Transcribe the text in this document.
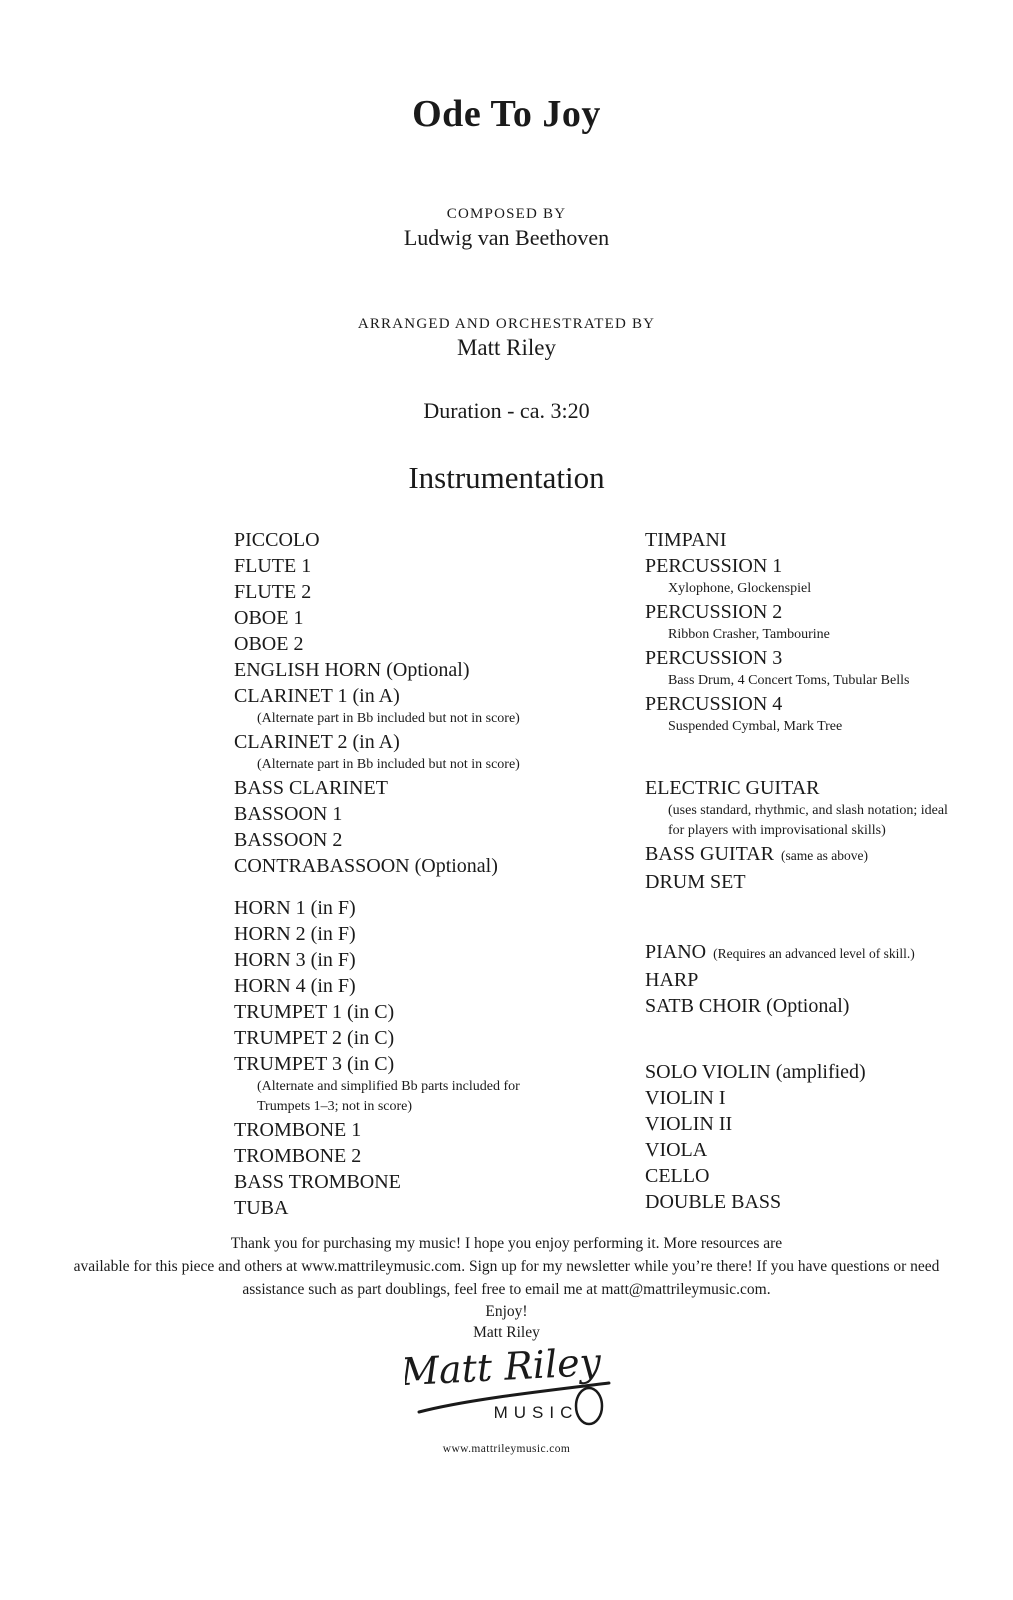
Ode To Joy
COMPOSED BY
Ludwig van Beethoven
ARRANGED AND ORCHESTRATED BY
Matt Riley
Duration - ca. 3:20
Instrumentation
PICCOLO
FLUTE 1
FLUTE 2
OBOE 1
OBOE 2
ENGLISH HORN (Optional)
CLARINET 1 (in A)
(Alternate part in Bb included but not in score)
CLARINET 2 (in A)
(Alternate part in Bb included but not in score)
BASS CLARINET
BASSOON 1
BASSOON 2
CONTRABASSOON (Optional)
HORN 1 (in F)
HORN 2 (in F)
HORN 3 (in F)
HORN 4 (in F)
TRUMPET 1 (in C)
TRUMPET 2 (in C)
TRUMPET 3 (in C)
(Alternate and simplified Bb parts included for
Trumpets 1–3; not in score)
TROMBONE 1
TROMBONE 2
BASS TROMBONE
TUBA
TIMPANI
PERCUSSION 1
Xylophone, Glockenspiel
PERCUSSION 2
Ribbon Crasher, Tambourine
PERCUSSION 3
Bass Drum, 4 Concert Toms, Tubular Bells
PERCUSSION 4
Suspended Cymbal, Mark Tree
ELECTRIC GUITAR
(uses standard, rhythmic, and slash notation; ideal
for players with improvisational skills)
BASS GUITAR (same as above)
DRUM SET
PIANO (Requires an advanced level of skill.)
HARP
SATB CHOIR (Optional)
SOLO VIOLIN (amplified)
VIOLIN I
VIOLIN II
VIOLA
CELLO
DOUBLE BASS
Thank you for purchasing my music! I hope you enjoy performing it. More resources are
available for this piece and others at www.mattrileymusic.com. Sign up for my newsletter while you’re there! If you have questions or need
assistance such as part doublings, feel free to email me at matt@mattrileymusic.com.
Enjoy!
Matt Riley
Matt Riley
MUSIC
www.mattrileymusic.com
